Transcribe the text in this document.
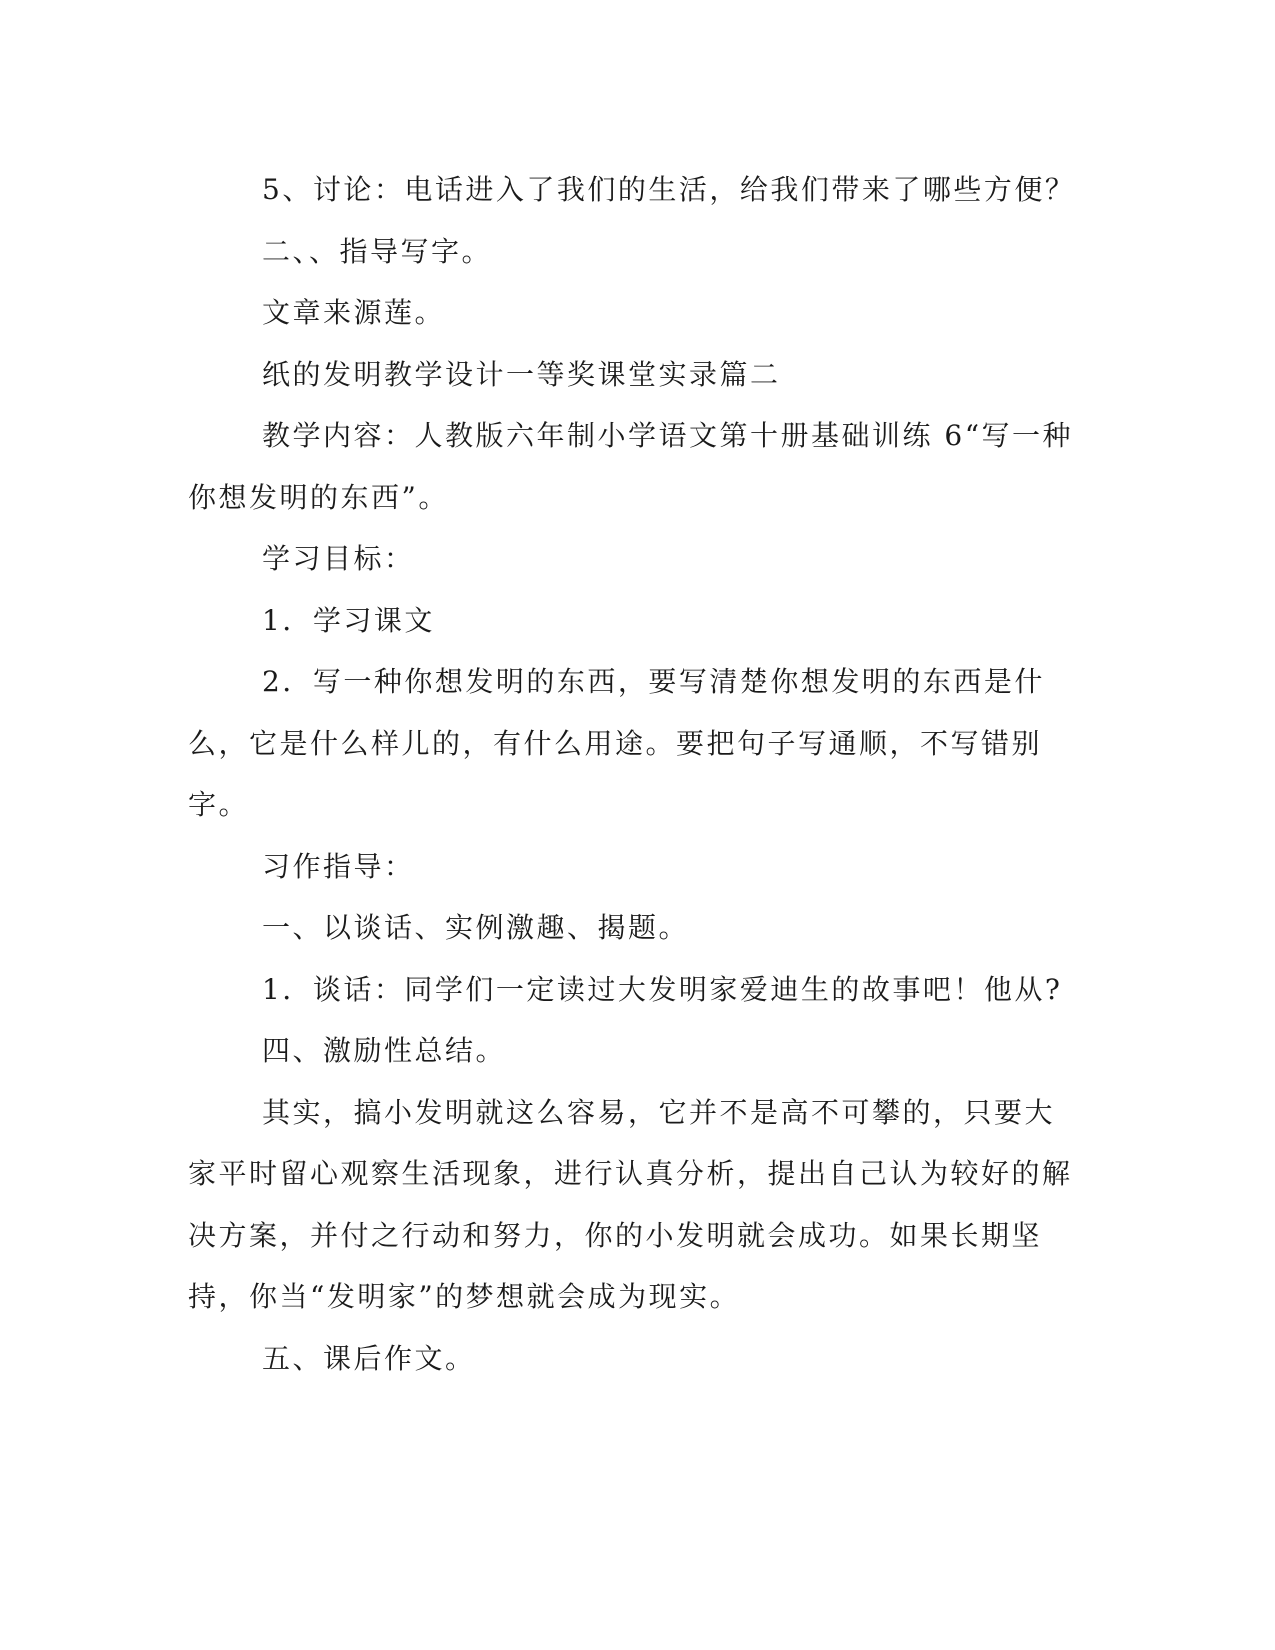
5、讨论：电话进入了我们的生活，给我们带来了哪些方便？

二、、指导写字。

文章来源莲。

纸的发明教学设计一等奖课堂实录篇二

教学内容：人教版六年制小学语文第十册基础训练 6“写一种你想发明的东西”。

学习目标：

1．学习课文

2．写一种你想发明的东西，要写清楚你想发明的东西是什么，它是什么样儿的，有什么用途。要把句子写通顺，不写错别字。

习作指导：

一、以谈话、实例激趣、揭题。

1．谈话：同学们一定读过大发明家爱迪生的故事吧！他从?

四、激励性总结。

其实，搞小发明就这么容易，它并不是高不可攀的，只要大家平时留心观察生活现象，进行认真分析，提出自己认为较好的解决方案，并付之行动和努力，你的小发明就会成功。如果长期坚持，你当“发明家”的梦想就会成为现实。

五、课后作文。
